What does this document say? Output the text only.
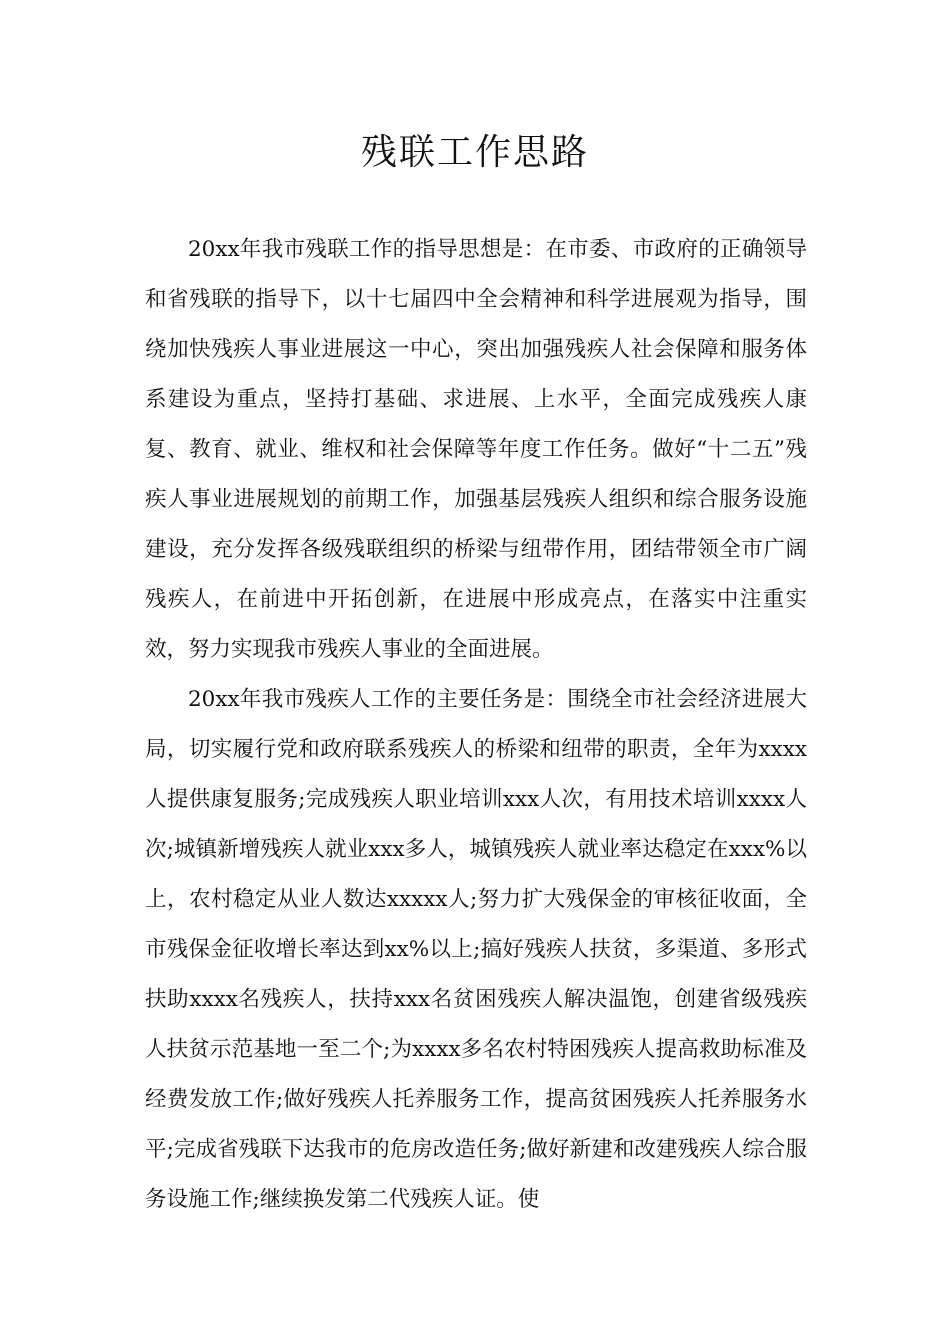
残联工作思路

20xx年我市残联工作的指导思想是：在市委、市政府的正确领导和省残联的指导下，以十七届四中全会精神和科学进展观为指导，围绕加快残疾人事业进展这一中心，突出加强残疾人社会保障和服务体系建设为重点，坚持打基础、求进展、上水平，全面完成残疾人康复、教育、就业、维权和社会保障等年度工作任务。做好“十二五”残疾人事业进展规划的前期工作，加强基层残疾人组织和综合服务设施建设，充分发挥各级残联组织的桥梁与纽带作用，团结带领全市广阔残疾人，在前进中开拓创新，在进展中形成亮点，在落实中注重实效，努力实现我市残疾人事业的全面进展。

20xx年我市残疾人工作的主要任务是：围绕全市社会经济进展大局，切实履行党和政府联系残疾人的桥梁和纽带的职责，全年为xxxx人提供康复服务;完成残疾人职业培训xxx人次，有用技术培训xxxx人次;城镇新增残疾人就业xxx多人，城镇残疾人就业率达稳定在xxx%以上，农村稳定从业人数达xxxxx人;努力扩大残保金的审核征收面，全市残保金征收增长率达到xx%以上;搞好残疾人扶贫，多渠道、多形式扶助xxxx名残疾人，扶持xxx名贫困残疾人解决温饱，创建省级残疾人扶贫示范基地一至二个;为xxxx多名农村特困残疾人提高救助标准及经费发放工作;做好残疾人托养服务工作，提高贫困残疾人托养服务水平;完成省残联下达我市的危房改造任务;做好新建和改建残疾人综合服务设施工作;继续换发第二代残疾人证。使
